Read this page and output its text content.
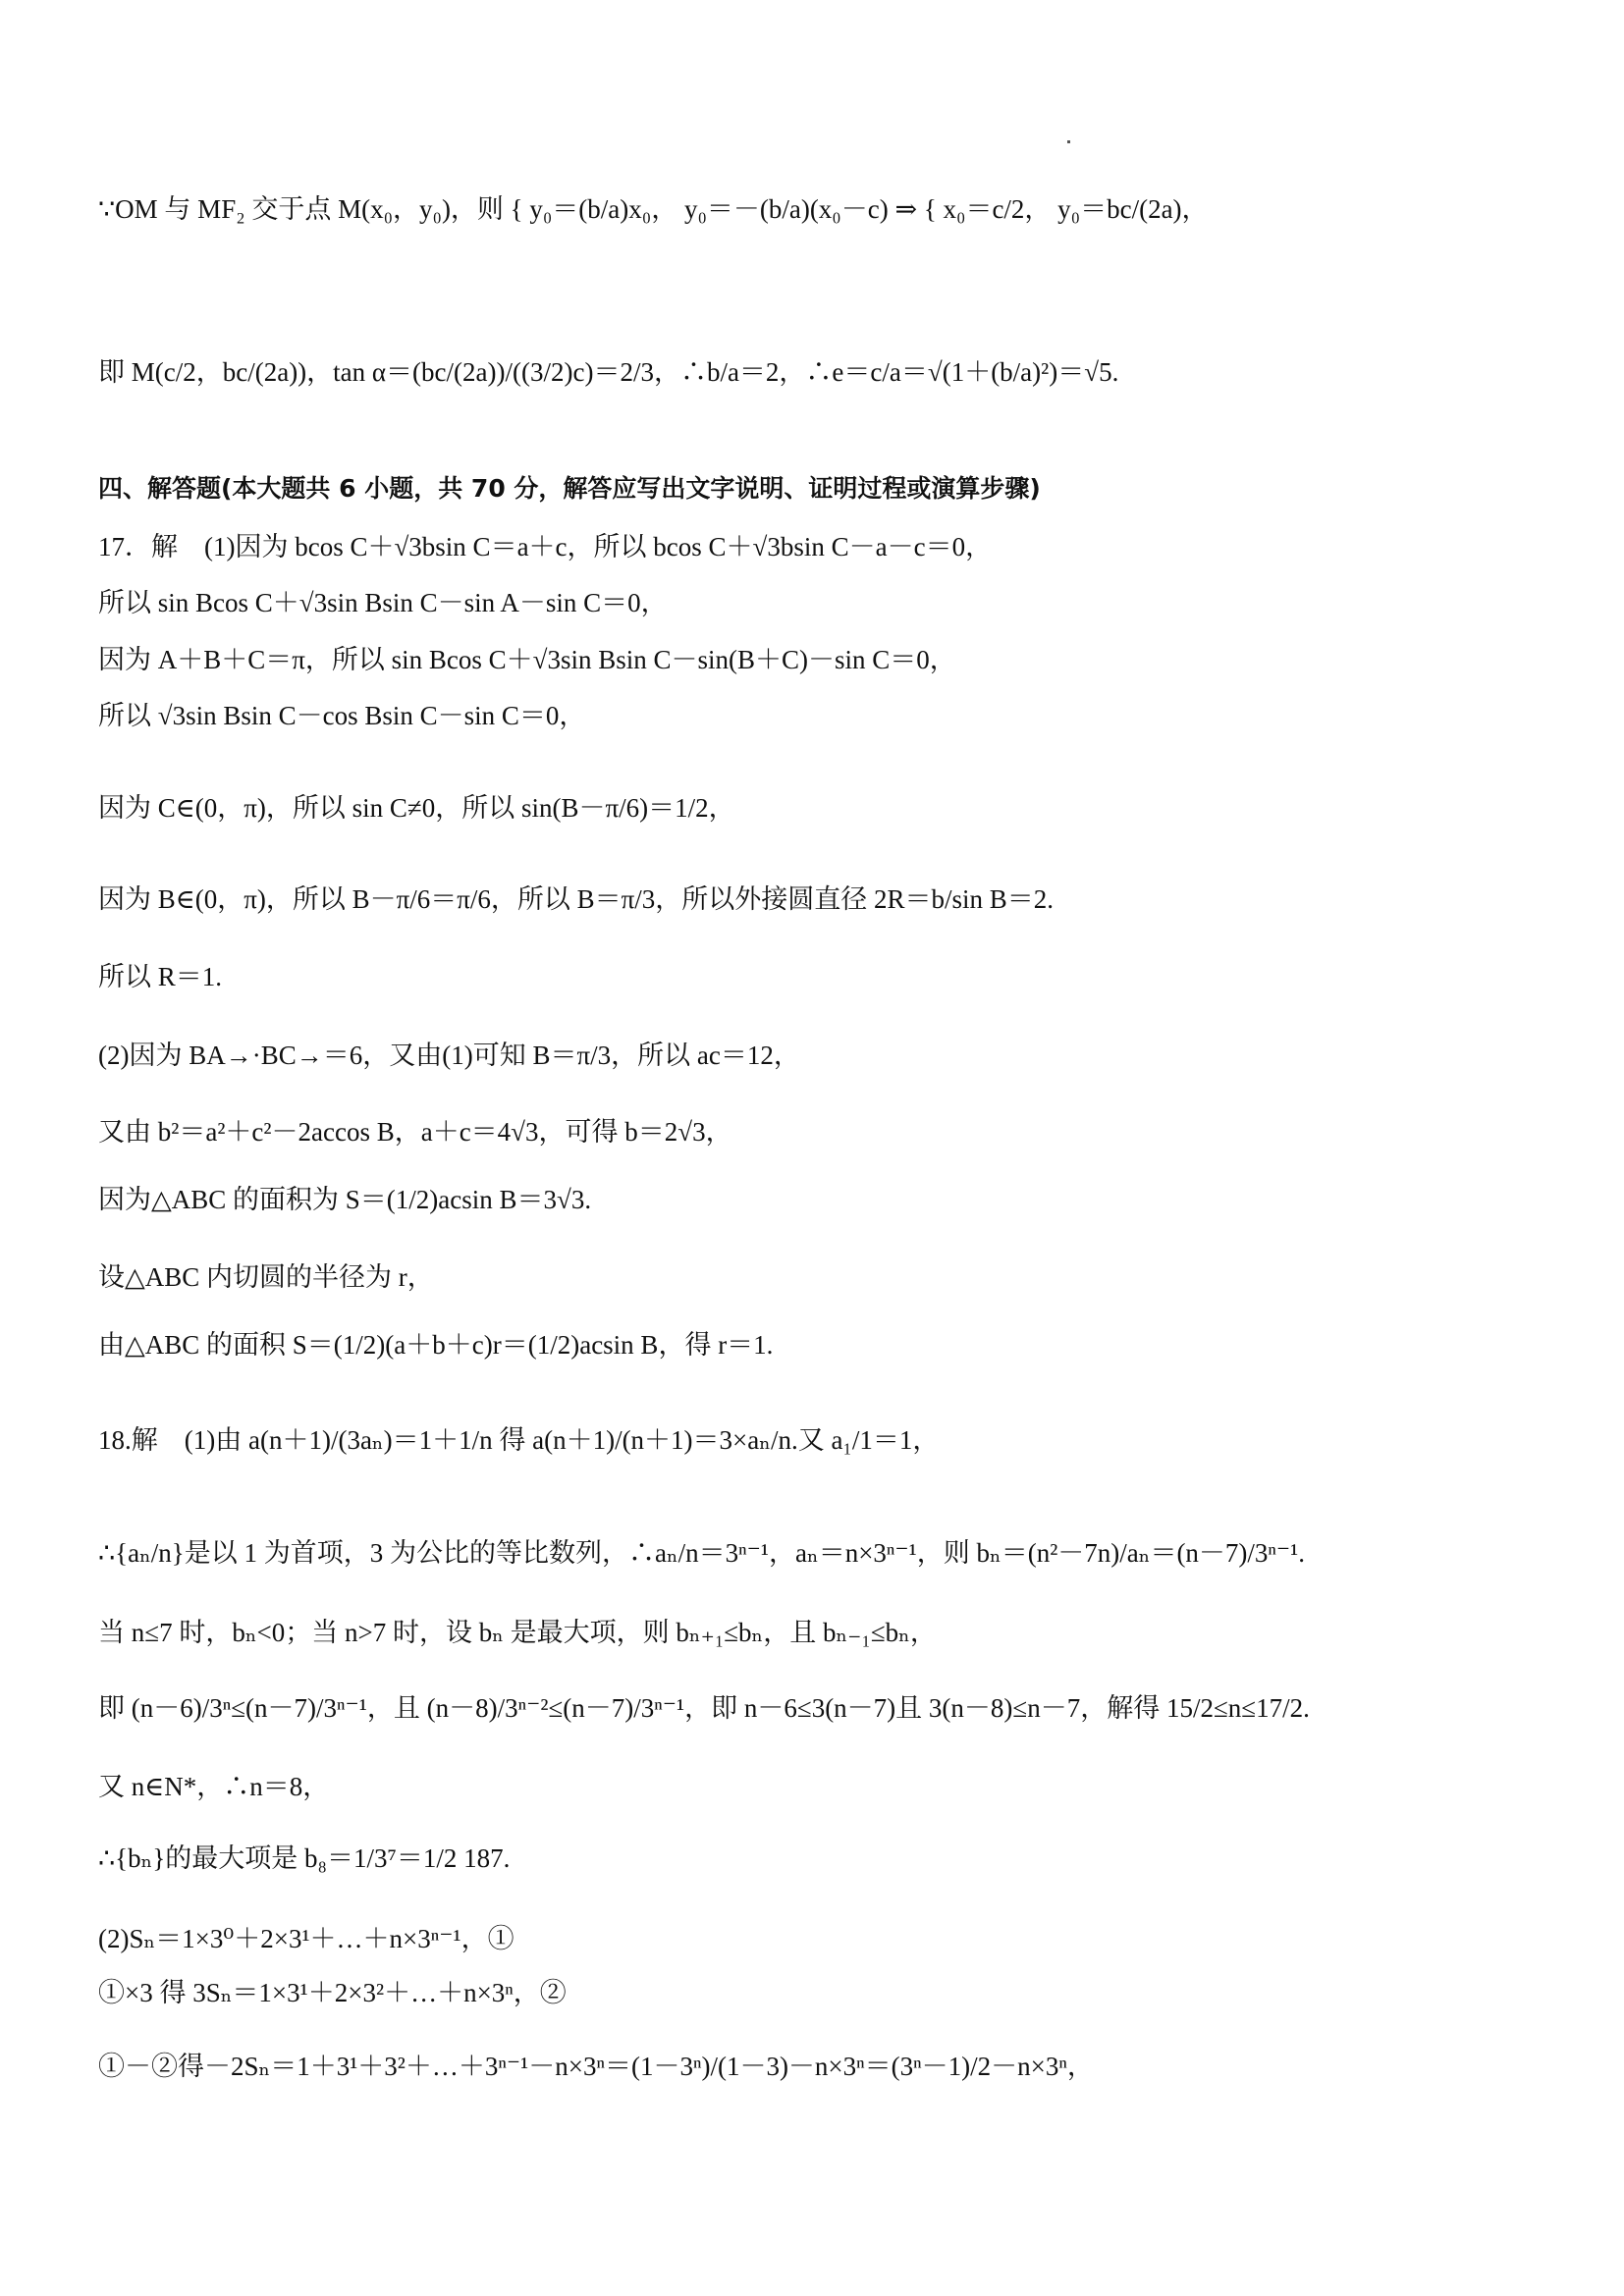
∵OM 与 MF₂ 交于点 M(x₀，y₀)，则 { y₀＝(b/a)x₀， y₀＝－(b/a)(x₀－c) ⇒ { x₀＝c/2， y₀＝bc/(2a)，
即 M(c/2，bc/(2a))，tan α＝(bc/(2a))/((3/2)c)＝2/3，∴b/a＝2，∴e＝c/a＝√(1＋(b/a)²)＝√5.
四、解答题(本大题共 6 小题，共 70 分，解答应写出文字说明、证明过程或演算步骤)
17．解　(1)因为 bcos C＋√3bsin C＝a＋c，所以 bcos C＋√3bsin C－a－c＝0，
所以 sin Bcos C＋√3sin Bsin C－sin A－sin C＝0，
因为 A＋B＋C＝π，所以 sin Bcos C＋√3sin Bsin C－sin(B＋C)－sin C＝0，
所以 √3sin Bsin C－cos Bsin C－sin C＝0，
因为 C∈(0，π)，所以 sin C≠0，所以 sin(B－π/6)＝1/2，
因为 B∈(0，π)，所以 B－π/6＝π/6，所以 B＝π/3，所以外接圆直径 2R＝b/sin B＝2.
所以 R＝1.
(2)因为 BA→·BC→＝6，又由(1)可知 B＝π/3，所以 ac＝12，
又由 b²＝a²＋c²－2accos B，a＋c＝4√3，可得 b＝2√3，
因为△ABC 的面积为 S＝(1/2)acsin B＝3√3.
设△ABC 内切圆的半径为 r，
由△ABC 的面积 S＝(1/2)(a＋b＋c)r＝(1/2)acsin B，得 r＝1.
18.解　(1)由 a(n＋1)/(3aₙ)＝1＋1/n 得 a(n＋1)/(n＋1)＝3×aₙ/n.又 a₁/1＝1，
∴{aₙ/n}是以 1 为首项，3 为公比的等比数列，∴aₙ/n＝3ⁿ⁻¹，aₙ＝n×3ⁿ⁻¹，则 bₙ＝(n²－7n)/aₙ＝(n－7)/3ⁿ⁻¹.
当 n≤7 时，bₙ<0；当 n>7 时，设 bₙ 是最大项，则 bₙ₊₁≤bₙ，且 bₙ₋₁≤bₙ，
即 (n－6)/3ⁿ≤(n－7)/3ⁿ⁻¹，且 (n－8)/3ⁿ⁻²≤(n－7)/3ⁿ⁻¹，即 n－6≤3(n－7)且 3(n－8)≤n－7，解得 15/2≤n≤17/2.
又 n∈N*，∴n＝8，
∴{bₙ}的最大项是 b₈＝1/3⁷＝1/2 187.
(2)Sₙ＝1×3⁰＋2×3¹＋…＋n×3ⁿ⁻¹，①
①×3 得 3Sₙ＝1×3¹＋2×3²＋…＋n×3ⁿ，②
①－②得－2Sₙ＝1＋3¹＋3²＋…＋3ⁿ⁻¹－n×3ⁿ＝(1－3ⁿ)/(1－3)－n×3ⁿ＝(3ⁿ－1)/2－n×3ⁿ，
